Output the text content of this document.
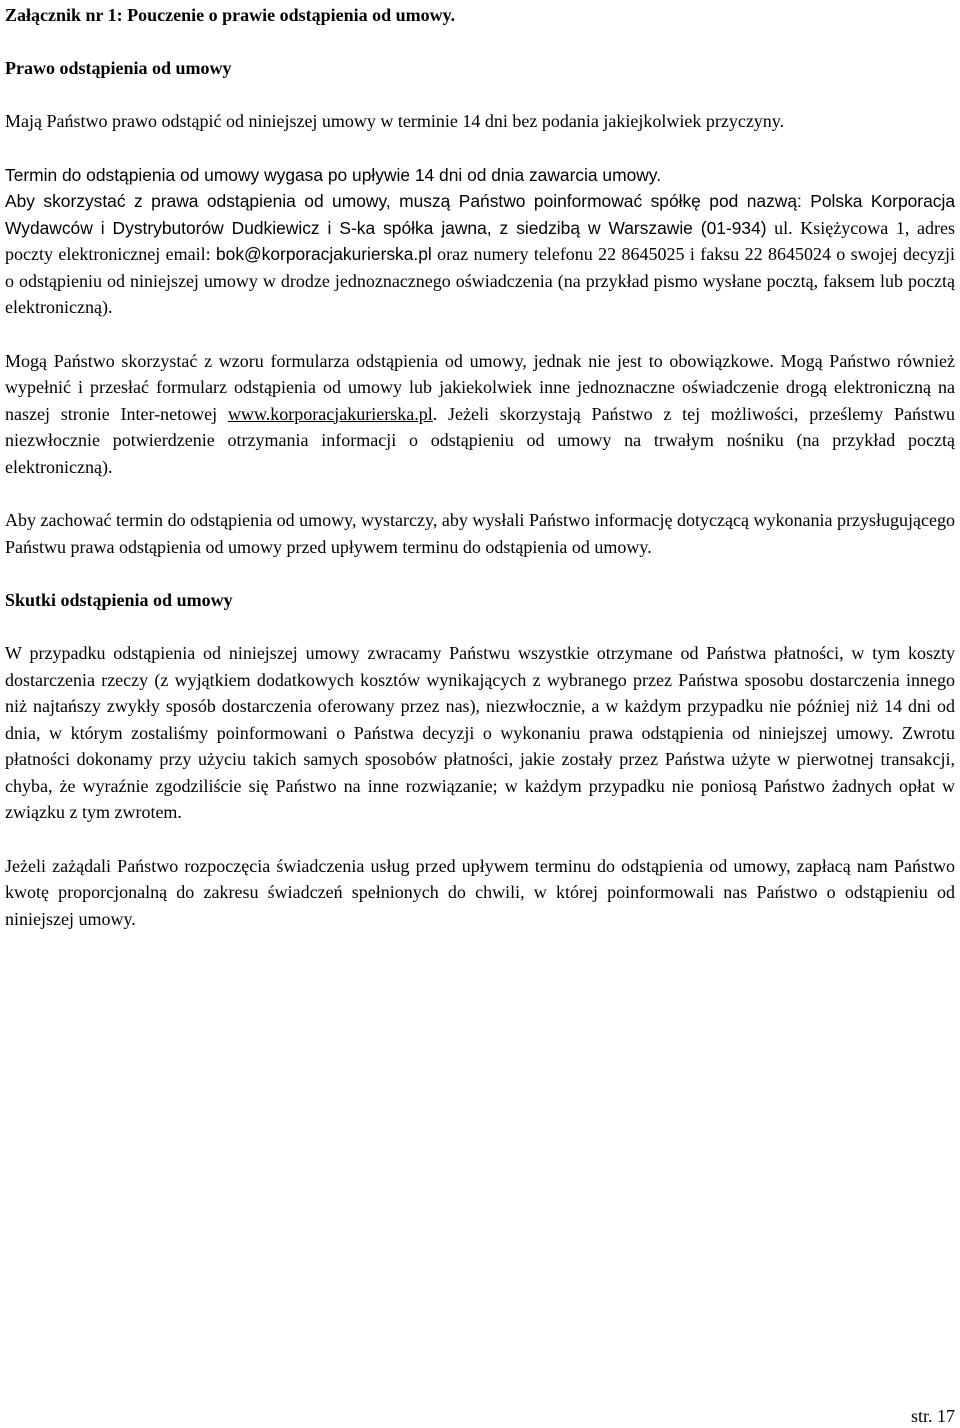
Załącznik nr 1: Pouczenie o prawie odstąpienia od umowy.
Prawo odstąpienia od umowy

Mają Państwo prawo odstąpić od niniejszej umowy w terminie 14 dni bez podania jakiejkolwiek przyczyny.

Termin do odstąpienia od umowy wygasa po upływie 14 dni od dnia zawarcia umowy.

Aby skorzystać z prawa odstąpienia od umowy, muszą Państwo poinformować spółkę pod nazwą: Polska Korporacja Wydawców i Dystrybutorów Dudkiewicz i S-ka spółka jawna, z siedzibą w Warszawie (01-934) ul. Księżycowa 1, adres poczty elektronicznej email: bok@korporacjakurierska.pl oraz numery telefonu 22 8645025 i faksu 22 8645024 o swojej decyzji o odstąpieniu od niniejszej umowy w drodze jednoznacznego oświadczenia (na przykład pismo wysłane pocztą, faksem lub pocztą elektroniczną).

Mogą Państwo skorzystać z wzoru formularza odstąpienia od umowy, jednak nie jest to obowiązkowe. Mogą Państwo również wypełnić i przesłać formularz odstąpienia od umowy lub jakiekolwiek inne jednoznaczne oświadczenie drogą elektroniczną na naszej stronie Inter-netowej www.korporacjakurierska.pl. Jeżeli skorzystają Państwo z tej możliwości, prześlemy Państwu niezwłocznie potwierdzenie otrzymania informacji o odstąpieniu od umowy na trwałym nośniku (na przykład pocztą elektroniczną).

Aby zachować termin do odstąpienia od umowy, wystarczy, aby wysłali Państwo informację dotyczącą wykonania przysługującego Państwu prawa odstąpienia od umowy przed upływem terminu do odstąpienia od umowy.

Skutki odstąpienia od umowy

W przypadku odstąpienia od niniejszej umowy zwracamy Państwu wszystkie otrzymane od Państwa płatności, w tym koszty dostarczenia rzeczy (z wyjątkiem dodatkowych kosztów wynikających z wybranego przez Państwa sposobu dostarczenia innego niż najtańszy zwykły sposób dostarczenia oferowany przez nas), niezwłocznie, a w każdym przypadku nie później niż 14 dni od dnia, w którym zostaliśmy poinformowani o Państwa decyzji o wykonaniu prawa odstąpienia od niniejszej umowy. Zwrotu płatności dokonamy przy użyciu takich samych sposobów płatności, jakie zostały przez Państwa użyte w pierwotnej transakcji, chyba, że wyraźnie zgodziliście się Państwo na inne rozwiązanie; w każdym przypadku nie poniosą Państwo żadnych opłat w związku z tym zwrotem.

Jeżeli zażądali Państwo rozpoczęcia świadczenia usług przed upływem terminu do odstąpienia od umowy, zapłacą nam Państwo kwotę proporcjonalną do zakresu świadczeń spełnionych do chwili, w której poinformowali nas Państwo o odstąpieniu od niniejszej umowy.

str. 17
